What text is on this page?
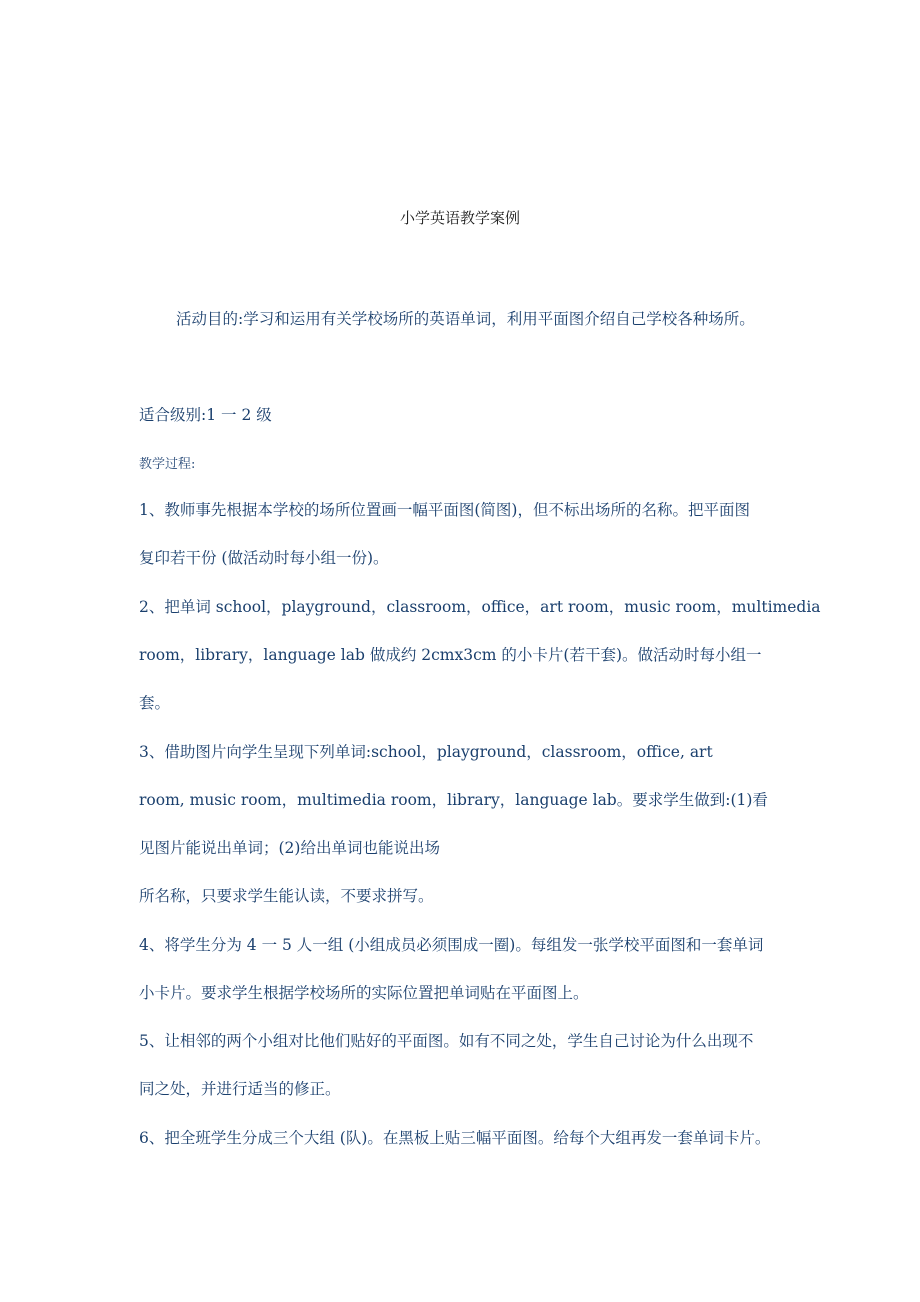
小学英语教学案例
活动目的:学习和运用有关学校场所的英语单词，利用平面图介绍自己学校各种场所。
适合级别:1 一 2 级
教学过程:
1、教师事先根据本学校的场所位置画一幅平面图(简图)，但不标出场所的名称。把平面图
复印若干份 (做活动时每小组一份)。
2、把单词 school，playground，classroom，office，art room，music room，multimedia
room，library，language lab 做成约 2cmx3cm 的小卡片(若干套)。做活动时每小组一
套。
3、借助图片向学生呈现下列单词:school，playground，classroom，office, art
room, music room，multimedia room，library，language lab。要求学生做到:(1)看
见图片能说出单词；(2)给出单词也能说出场
所名称，只要求学生能认读，不要求拼写。
4、将学生分为 4 一 5 人一组 (小组成员必须围成一圈)。每组发一张学校平面图和一套单词
小卡片。要求学生根据学校场所的实际位置把单词贴在平面图上。
5、让相邻的两个小组对比他们贴好的平面图。如有不同之处，学生自己讨论为什么出现不
同之处，并进行适当的修正。
6、把全班学生分成三个大组 (队)。在黑板上贴三幅平面图。给每个大组再发一套单词卡片。
